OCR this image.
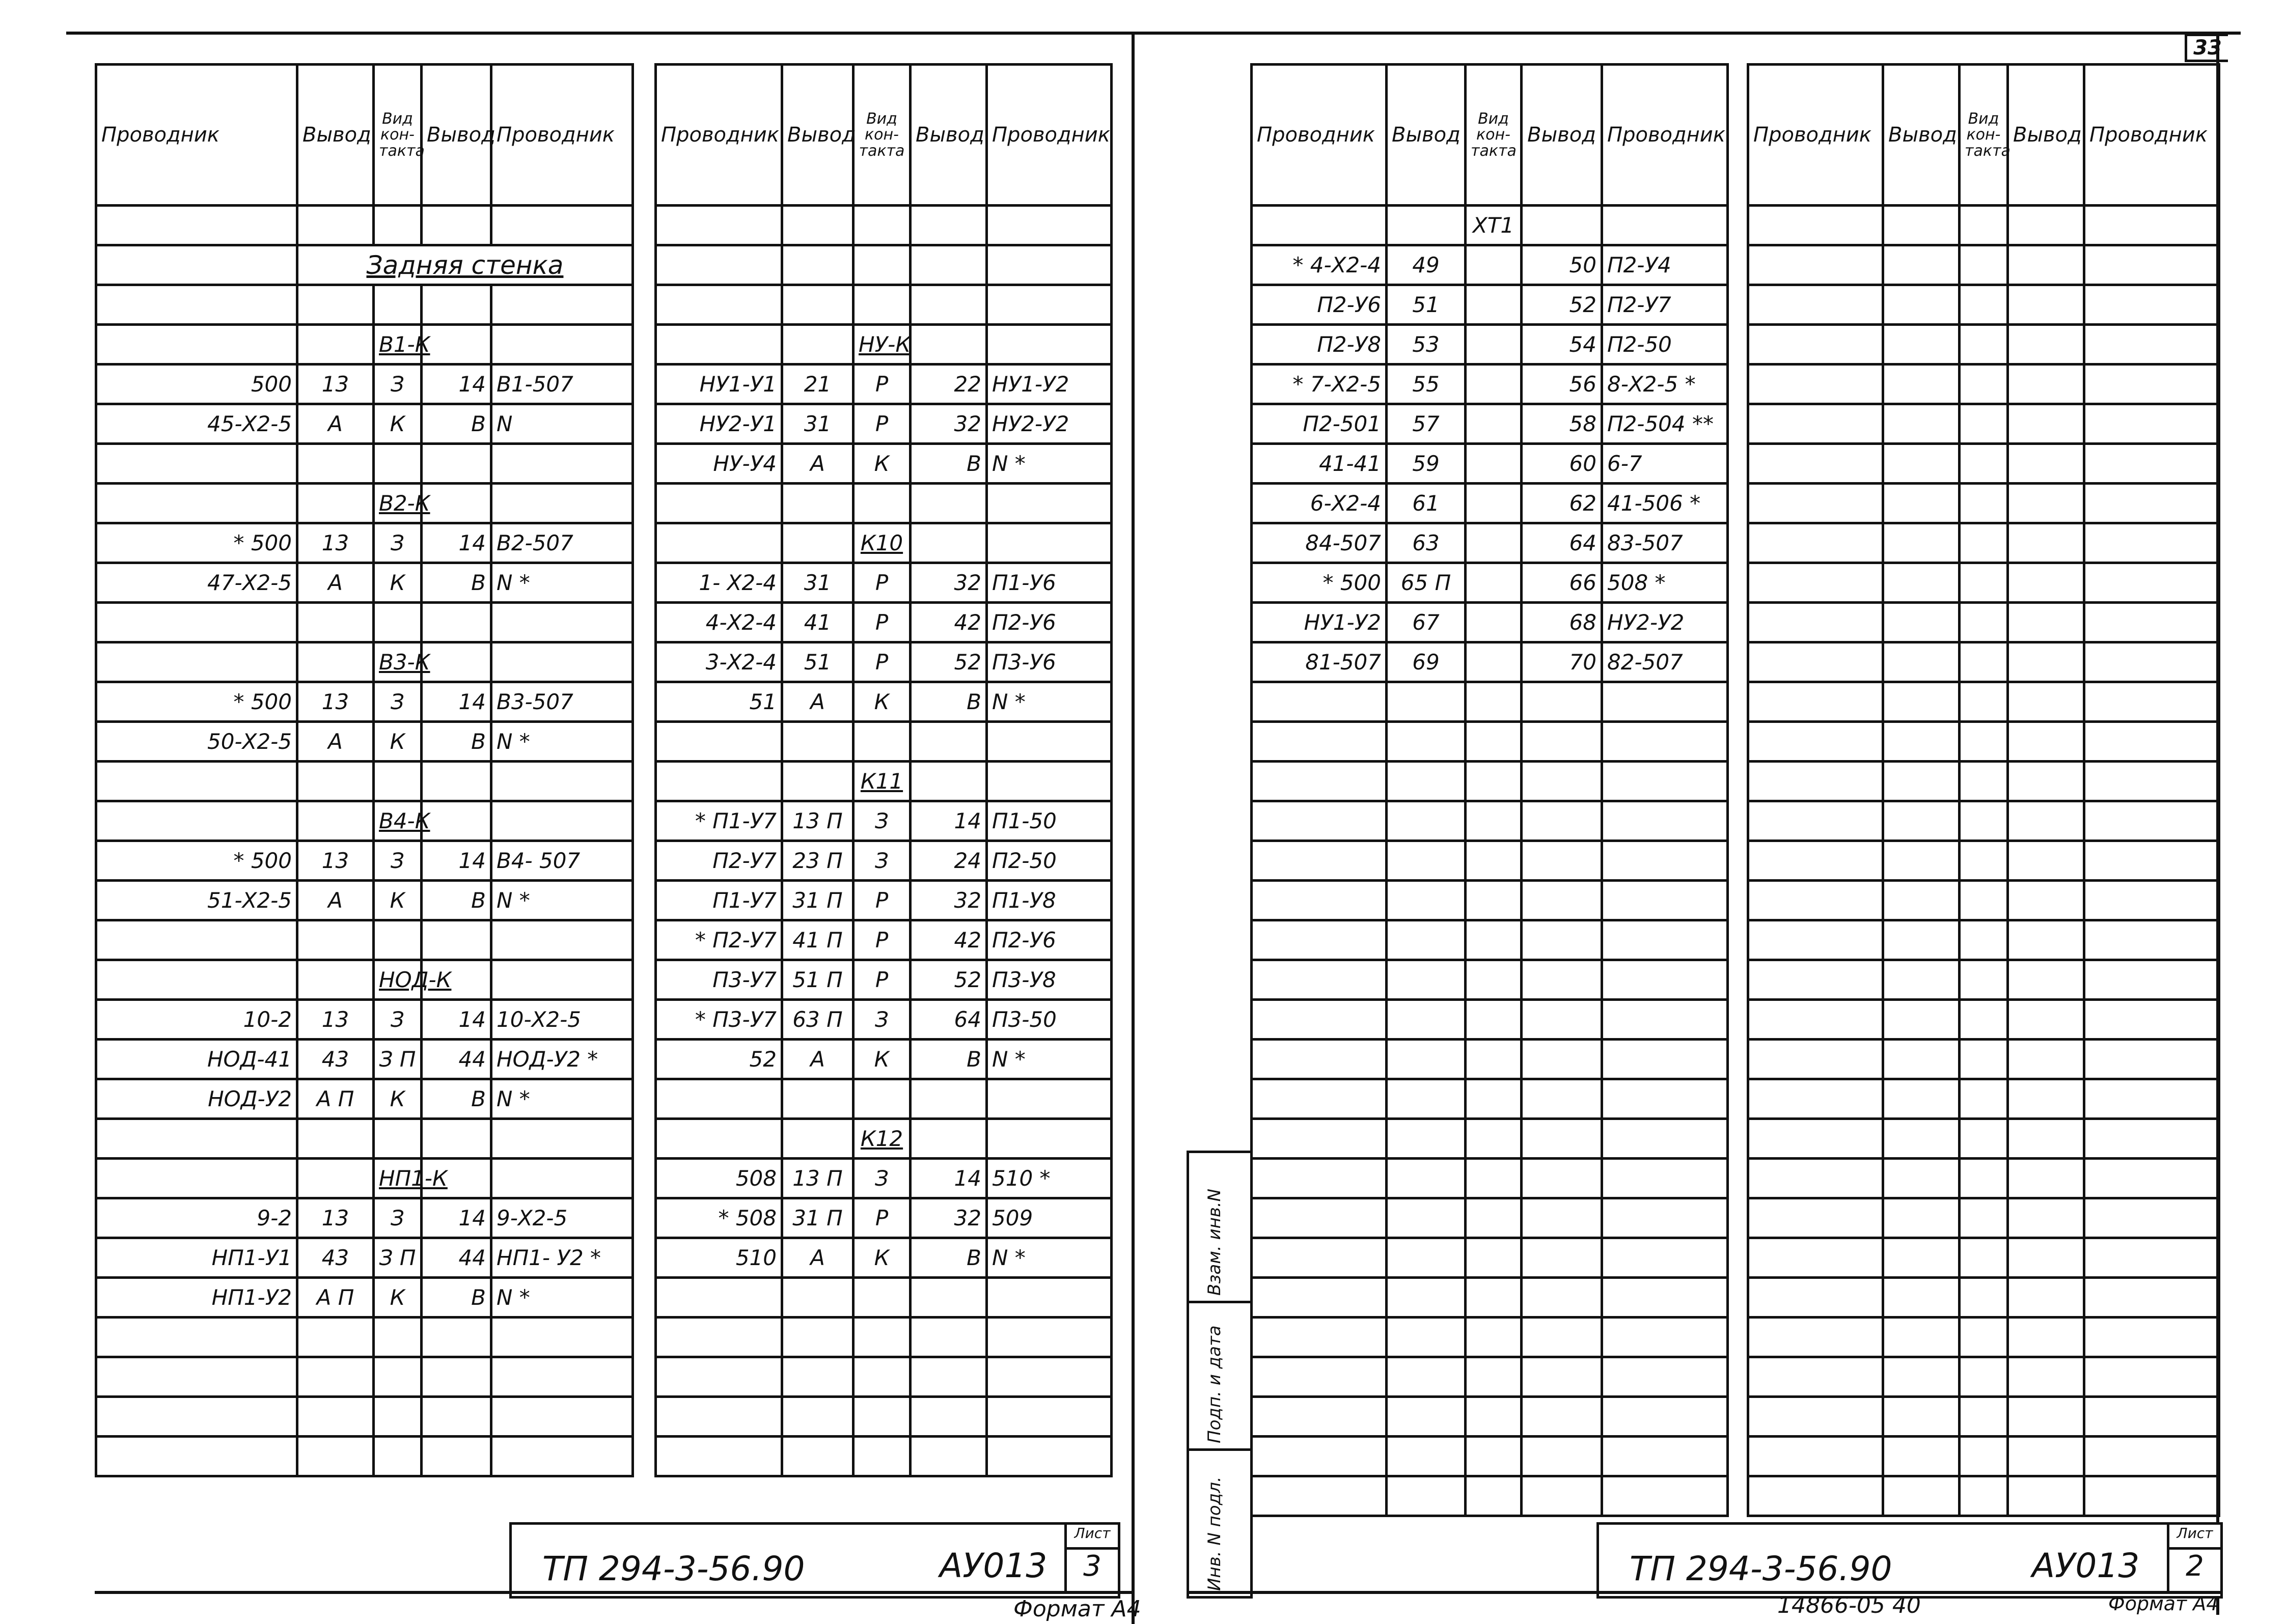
33
Проводник	Вывод	Вид кон- такта	Вывод	Проводник

	Задняя стенка			

		В1-К		
500	13	З	14	В1-507
45-Х2-5	А	К	В	N

		В2-К		
* 500	13	З	14	В2-507
47-Х2-5	А	К	В	N *

		В3-К		
* 500	13	З	14	В3-507
50-Х2-5	А	К	В	N *

		В4-К		
* 500	13	З	14	В4- 507
51-Х2-5	А	К	В	N *

		НОД-К		
10-2	13	З	14	10-Х2-5
НОД-41	43	З П	44	НОД-У2 *
НОД-У2	А П	К	В	N *

		НП1-К		
9-2	13	З	14	9-Х2-5
НП1-У1	43	З П	44	НП1- У2 *
НП1-У2	А П	К	В	N *

Проводник	Вывод	Вид кон- такта	Вывод	Проводник

		НУ-К		
НУ1-У1	21	Р	22	НУ1-У2
НУ2-У1	31	Р	32	НУ2-У2
НУ-У4	А	К	В	N *

		К10		
1- Х2-4	31	Р	32	П1-У6
4-Х2-4	41	Р	42	П2-У6
3-Х2-4	51	Р	52	П3-У6
51	А	К	В	N *

		К11		
* П1-У7	13 П	З	14	П1-50
П2-У7	23 П	З	24	П2-50
П1-У7	31 П	Р	32	П1-У8
* П2-У7	41 П	Р	42	П2-У6
П3-У7	51 П	Р	52	П3-У8
* П3-У7	63 П	З	64	П3-50
52	А	К	В	N *

		К12		
508	13 П	З	14	510 *
* 508	31 П	Р	32	509
510	А	К	В	N *

ТП 294-3-56.90	АУ013
Лист
3
Формат А4
Проводник	Вывод	Вид кон- такта	Вывод	Проводник
		ХТ1		
* 4-Х2-4	49		50	П2-У4
П2-У6	51		52	П2-У7
П2-У8	53		54	П2-50
* 7-Х2-5	55		56	8-Х2-5 *
П2-501	57		58	П2-504 **
41-41	59		60	6-7
6-Х2-4	61		62	41-506 *
84-507	63		64	83-507
* 500	65 П		66	508 *
НУ1-У2	67		68	НУ2-У2
81-507	69		70	82-507

Проводник	Вывод	Вид кон- такта	Вывод	Проводник

Инв. N подл.
Подп. и дата
Взам. инв.N
ТП 294-3-56.90	АУ013
Лист
2
14866-05 40	Формат А4
